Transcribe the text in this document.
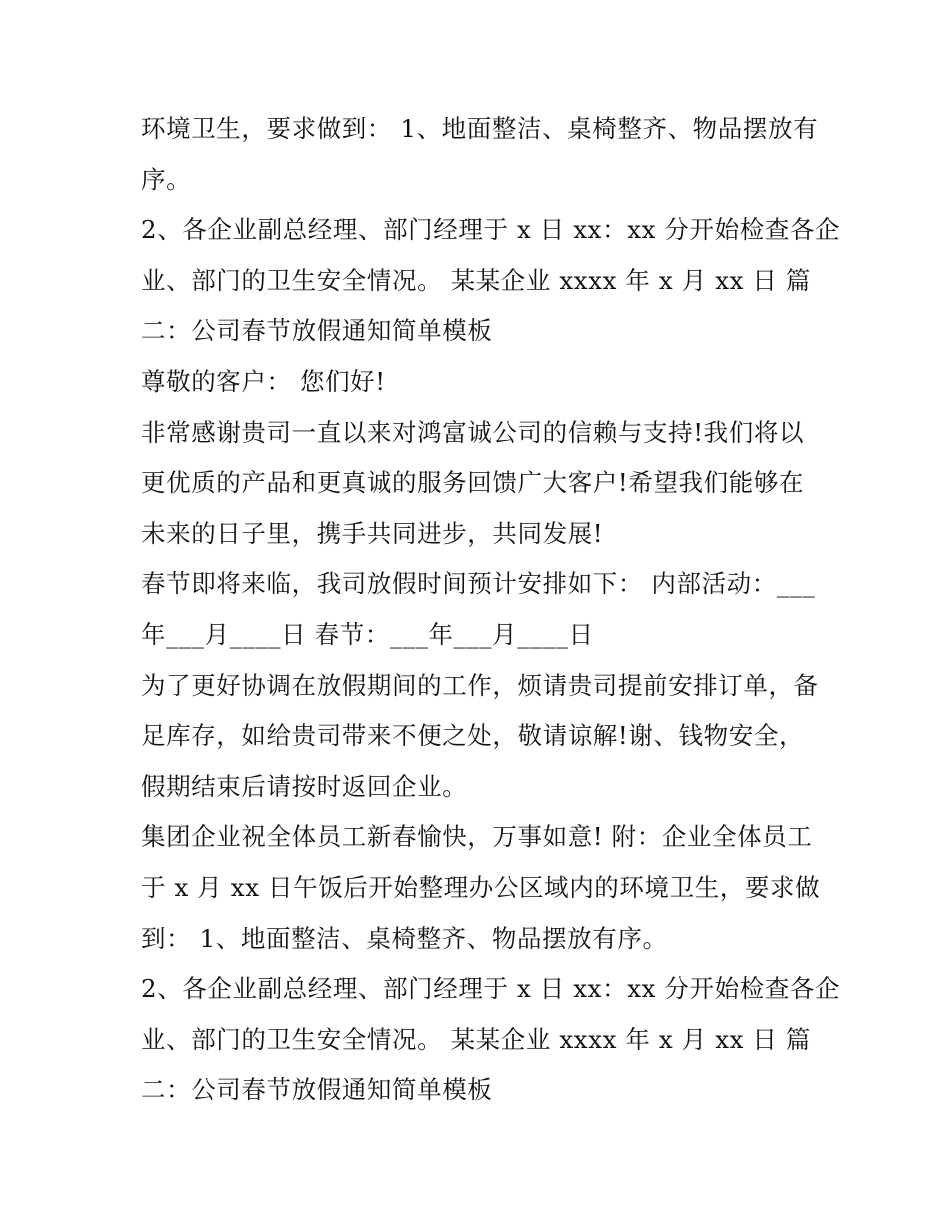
环境卫生，要求做到： 1、地面整洁、桌椅整齐、物品摆放有
序。
2、各企业副总经理、部门经理于 x 日 xx：xx 分开始检查各企
业、部门的卫生安全情况。 某某企业 xxxx 年 x 月 xx 日 篇
二：公司春节放假通知简单模板
尊敬的客户： 您们好!
非常感谢贵司一直以来对鸿富诚公司的信赖与支持!我们将以
更优质的产品和更真诚的服务回馈广大客户!希望我们能够在
未来的日子里，携手共同进步，共同发展!
春节即将来临，我司放假时间预计安排如下： 内部活动：___
年___月____日 春节：___年___月____日
为了更好协调在放假期间的工作，烦请贵司提前安排订单，备
足库存，如给贵司带来不便之处，敬请谅解!谢、钱物安全，
假期结束后请按时返回企业。
集团企业祝全体员工新春愉快，万事如意! 附：企业全体员工
于 x 月 xx 日午饭后开始整理办公区域内的环境卫生，要求做
到： 1、地面整洁、桌椅整齐、物品摆放有序。
2、各企业副总经理、部门经理于 x 日 xx：xx 分开始检查各企
业、部门的卫生安全情况。 某某企业 xxxx 年 x 月 xx 日 篇
二：公司春节放假通知简单模板
